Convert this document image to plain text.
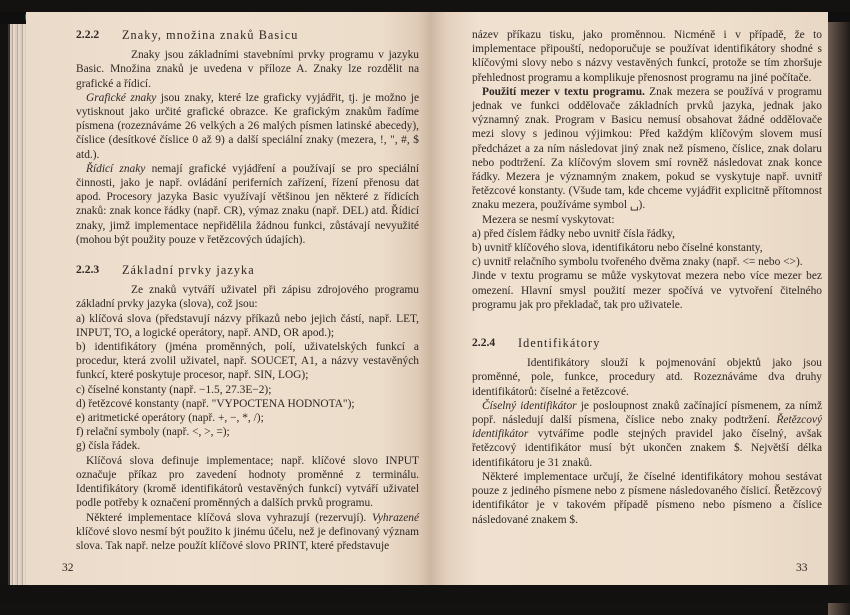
2.2.2	Znaky, množina znaků Basicu

Znaky jsou základními stavebními prvky programu v jazyku Basic. Množina znaků je uvedena v příloze A. Znaky lze rozdělit na grafické a řídicí.

Grafické znaky jsou znaky, které lze graficky vyjádřit, tj. je možno je vytisknout jako určité grafické obrazce. Ke grafickým znakům řadíme písmena (rozeznáváme 26 velkých a 26 malých písmen latinské abecedy), číslice (desítkové číslice 0 až 9) a další speciální znaky (mezera, !, ", #, $ atd.).

Řídicí znaky nemají grafické vyjádření a používají se pro speciální činnosti, jako je např. ovládání periferních zařízení, řízení přenosu dat apod. Procesory jazyka Basic využívají většinou jen některé z řídicích znaků: znak konce řádky (např. CR), výmaz znaku (např. DEL) atd. Řídicí znaky, jimž implementace nepřidělila žádnou funkci, zůstávají nevyužité (mohou být použity pouze v řetězcových údajích).

2.2.3	Základní prvky jazyka

Ze znaků vytváří uživatel při zápisu zdrojového programu základní prvky jazyka (slova), což jsou:

a) klíčová slova (představují názvy příkazů nebo jejich částí, např. LET, INPUT, TO, a logické operátory, např. AND, OR apod.);

b) identifikátory (jména proměnných, polí, uživatelských funkcí a procedur, která zvolil uživatel, např. SOUCET, A1, a názvy vestavěných funkcí, které poskytuje procesor, např. SIN, LOG);

c) číselné konstanty (např. −1.5, 27.3E−2);

d) řetězcové konstanty (např. "VYPOCTENA HODNOTA");

e) aritmetické operátory (např. +, −, *, /);

f) relační symboly (např. <, >, =);

g) čísla řádek.

Klíčová slova definuje implementace; např. klíčové slovo INPUT označuje příkaz pro zavedení hodnoty proměnné z terminálu. Identifikátory (kromě identifikátorů vestavěných funkcí) vytváří uživatel podle potřeby k označení proměnných a dalších prvků programu.

Některé implementace klíčová slova vyhrazují (rezervují). Vyhrazené klíčové slovo nesmí být použito k jinému účelu, než je definovaný význam slova. Tak např. nelze použít klíčové slovo PRINT, které představuje

32

název příkazu tisku, jako proměnnou. Nicméně i v případě, že to implementace připouští, nedoporučuje se používat identifikátory shodné s klíčovými slovy nebo s názvy vestavěných funkcí, protože se tím zhoršuje přehlednost programu a komplikuje přenosnost programu na jiné počítače.

Použití mezer v textu programu. Znak mezera se používá v programu jednak ve funkci oddělovače základních prvků jazyka, jednak jako významný znak. Program v Basicu nemusí obsahovat žádné oddělovače mezi slovy s jedinou výjimkou: Před každým klíčovým slovem musí předcházet a za ním následovat jiný znak než písmeno, číslice, znak dolaru nebo podtržení. Za klíčovým slovem smí rovněž následovat znak konce řádky. Mezera je významným znakem, pokud se vyskytuje např. uvnitř řetězcové konstanty. (Všude tam, kde chceme vyjádřit explicitně přítomnost znaku mezera, používáme symbol ␣).

Mezera se nesmí vyskytovat:

a) před číslem řádky nebo uvnitř čísla řádky,

b) uvnitř klíčového slova, identifikátoru nebo číselné konstanty,

c) uvnitř relačního symbolu tvořeného dvěma znaky (např. <= nebo <>).

Jinde v textu programu se může vyskytovat mezera nebo více mezer bez omezení. Hlavní smysl použití mezer spočívá ve vytvoření čitelného programu jak pro překladač, tak pro uživatele.

2.2.4	Identifikátory

Identifikátory slouží k pojmenování objektů jako jsou proměnné, pole, funkce, procedury atd. Rozeznáváme dva druhy identifikátorů: číselné a řetězcové.

Číselný identifikátor je posloupnost znaků začínající písmenem, za nímž popř. následují další písmena, číslice nebo znaky podtržení. Řetězcový identifikátor vytváříme podle stejných pravidel jako číselný, avšak řetězcový identifikátor musí být ukončen znakem $. Největší délka identifikátoru je 31 znaků.

Některé implementace určují, že číselné identifikátory mohou sestávat pouze z jediného písmene nebo z písmene následovaného číslicí. Řetězcový identifikátor je v takovém případě písmeno nebo písmeno a číslice následované znakem $.

33
